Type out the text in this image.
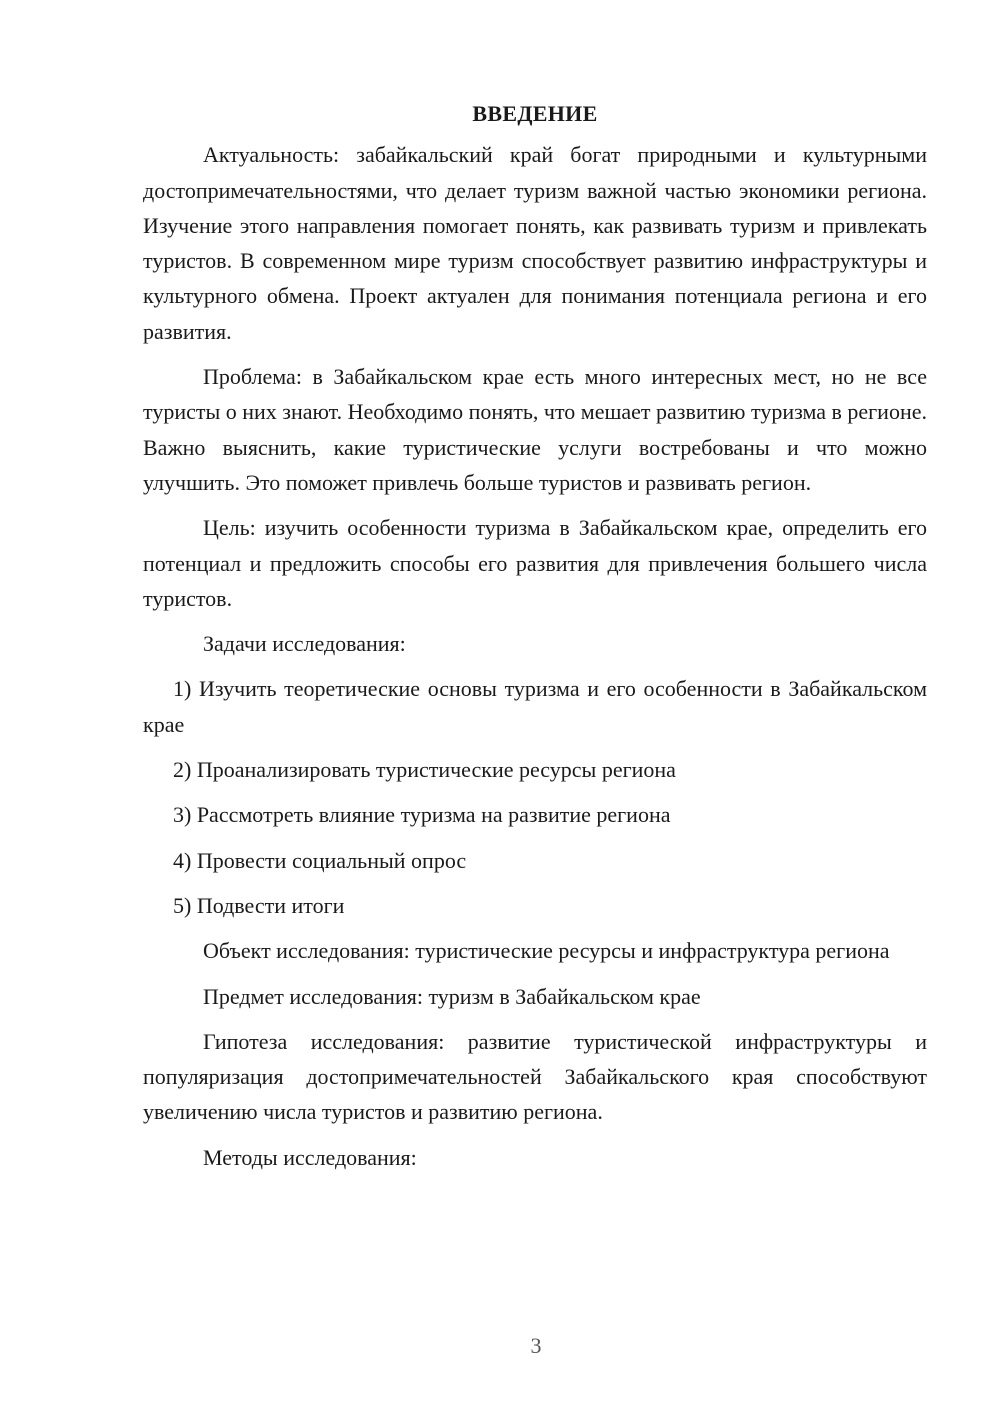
ВВЕДЕНИЕ

Актуальность: забайкальский край богат природными и культурными достопримечательностями, что делает туризм важной частью экономики региона. Изучение этого направления помогает понять, как развивать туризм и привлекать туристов. В современном мире туризм способствует развитию инфраструктуры и культурного обмена. Проект актуален для понимания потенциала региона и его развития.

Проблема: в Забайкальском крае есть много интересных мест, но не все туристы о них знают. Необходимо понять, что мешает развитию туризма в регионе. Важно выяснить, какие туристические услуги востребованы и что можно улучшить. Это поможет привлечь больше туристов и развивать регион.

Цель: изучить особенности туризма в Забайкальском крае, определить его потенциал и предложить способы его развития для привлечения большего числа туристов.

Задачи исследования:

1) Изучить теоретические основы туризма и его особенности в Забайкальском крае

2) Проанализировать туристические ресурсы региона

3) Рассмотреть влияние туризма на развитие региона

4) Провести социальный опрос

5) Подвести итоги

Объект исследования: туристические ресурсы и инфраструктура региона

Предмет исследования: туризм в Забайкальском крае

Гипотеза исследования: развитие туристической инфраструктуры и популяризация достопримечательностей Забайкальского края способствуют увеличению числа туристов и развитию региона.

Методы исследования:

3
